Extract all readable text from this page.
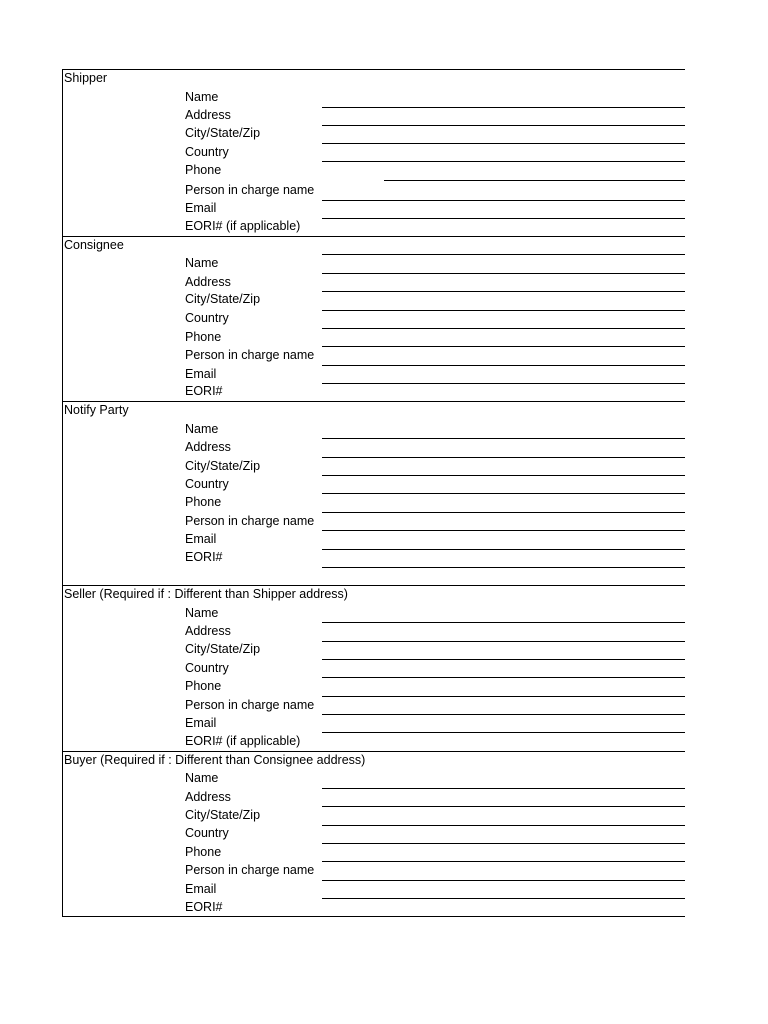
Shipper
Name
Address
City/State/Zip
Country
Phone
Person in charge name
Email
EORI# (if applicable)
Consignee
Name
Address
City/State/Zip
Country
Phone
Person in charge name
Email
EORI#
Notify Party
Name
Address
City/State/Zip
Country
Phone
Person in charge name
Email
EORI#
Seller (Required if : Different than Shipper address)
Name
Address
City/State/Zip
Country
Phone
Person in charge name
Email
EORI# (if applicable)
Buyer (Required if : Different than Consignee address)
Name
Address
City/State/Zip
Country
Phone
Person in charge name
Email
EORI#
